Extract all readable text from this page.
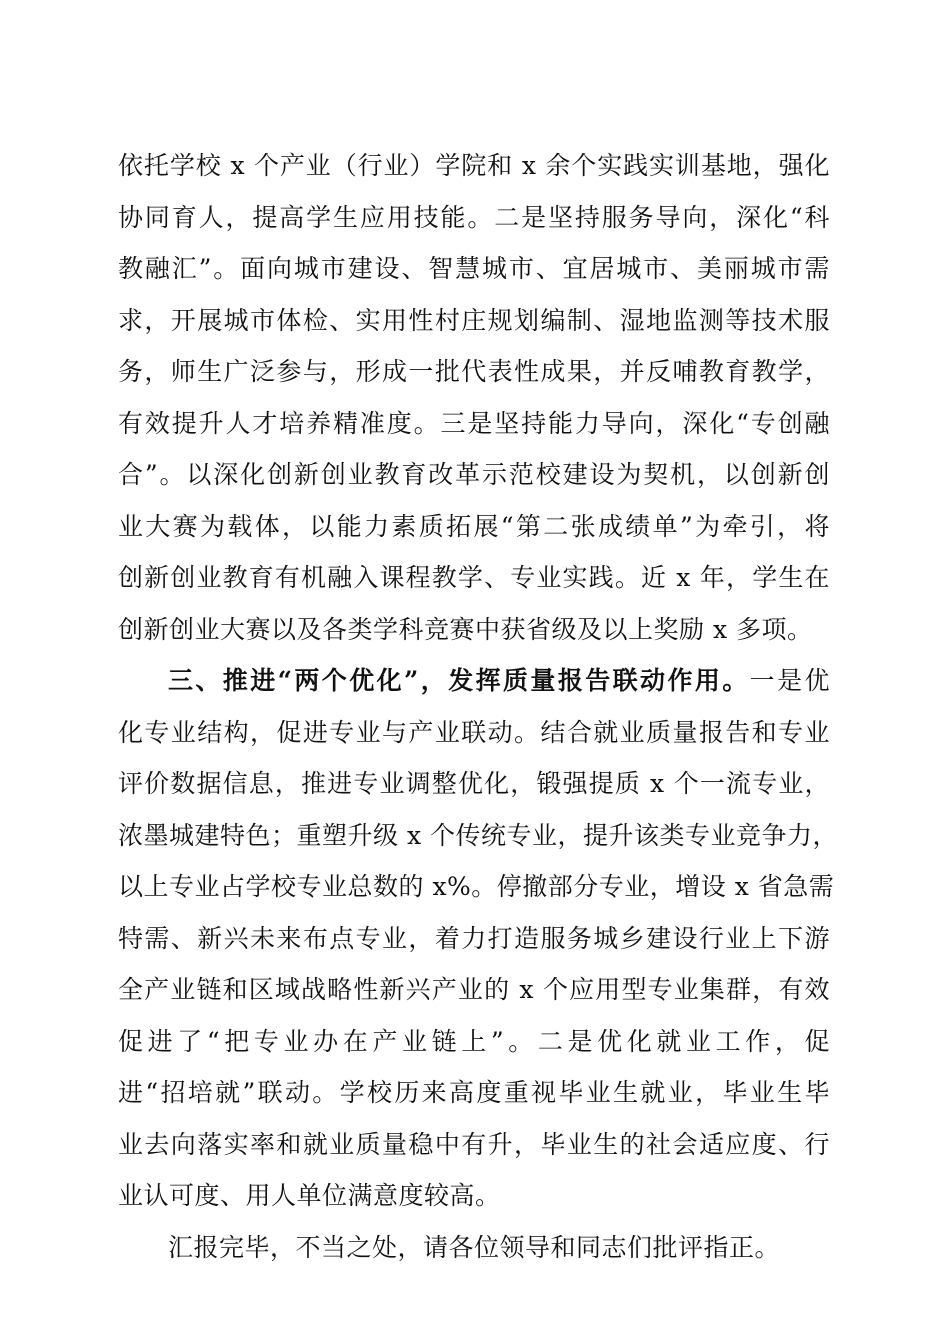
依托学校 x 个产业（行业）学院和 x 余个实践实训基地，强化
协同育人，提高学生应用技能。二是坚持服务导向，深化“科
教融汇”。面向城市建设、智慧城市、宜居城市、美丽城市需
求，开展城市体检、实用性村庄规划编制、湿地监测等技术服
务，师生广泛参与，形成一批代表性成果，并反哺教育教学，
有效提升人才培养精准度。三是坚持能力导向，深化“专创融
合”。以深化创新创业教育改革示范校建设为契机，以创新创
业大赛为载体，以能力素质拓展“第二张成绩单”为牵引，将
创新创业教育有机融入课程教学、专业实践。近 x 年，学生在
创新创业大赛以及各类学科竞赛中获省级及以上奖励 x 多项。
三、推进“两个优化”，发挥质量报告联动作用。一是优
化专业结构，促进专业与产业联动。结合就业质量报告和专业
评价数据信息，推进专业调整优化，锻强提质 x 个一流专业，
浓墨城建特色；重塑升级 x 个传统专业，提升该类专业竞争力，
以上专业占学校专业总数的 x%。停撤部分专业，增设 x 省急需
特需、新兴未来布点专业，着力打造服务城乡建设行业上下游
全产业链和区域战略性新兴产业的 x 个应用型专业集群，有效
促进了“把专业办在产业链上”。二是优化就业工作，促
进“招培就”联动。学校历来高度重视毕业生就业，毕业生毕
业去向落实率和就业质量稳中有升，毕业生的社会适应度、行
业认可度、用人单位满意度较高。
汇报完毕，不当之处，请各位领导和同志们批评指正。
